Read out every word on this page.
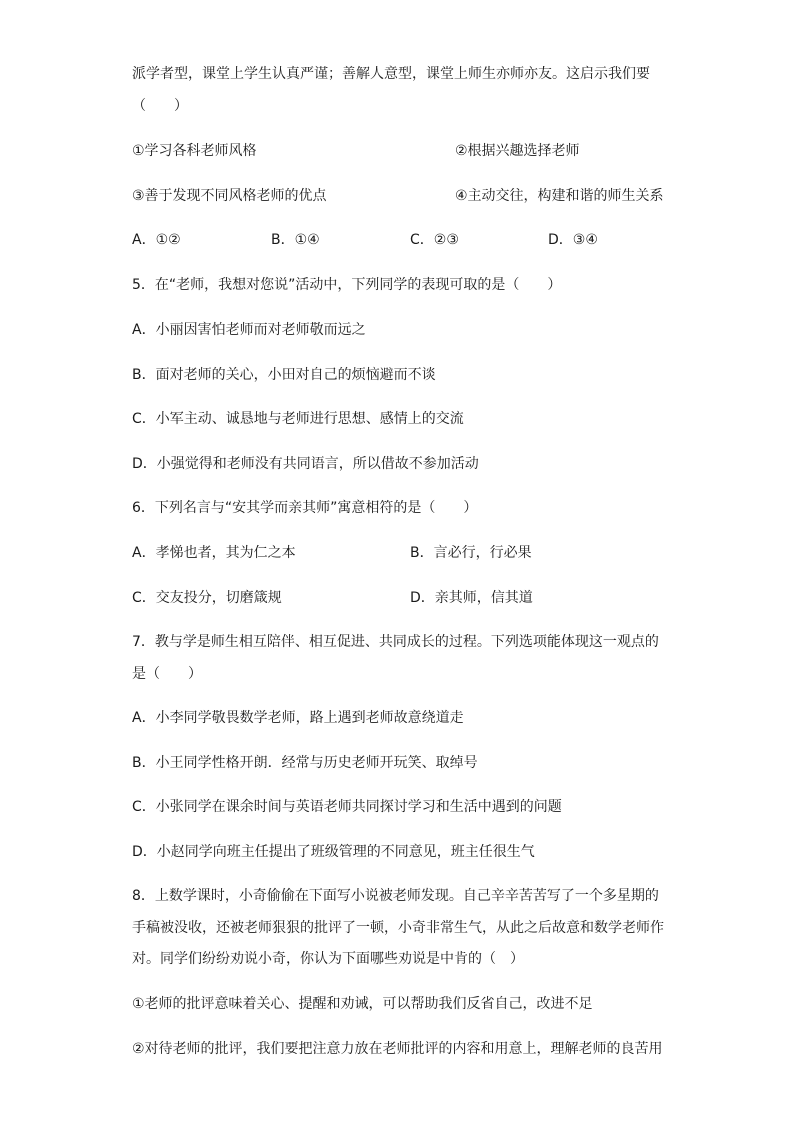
派学者型，课堂上学生认真严谨；善解人意型，课堂上师生亦师亦友。这启示我们要
（　　）
①学习各科老师风格	②根据兴趣选择老师
③善于发现不同风格老师的优点	④主动交往，构建和谐的师生关系
A．①②	B．①④	C．②③	D．③④
5．在“老师，我想对您说”活动中，下列同学的表现可取的是（　　）
A．小丽因害怕老师而对老师敬而远之
B．面对老师的关心，小田对自己的烦恼避而不谈
C．小军主动、诚恳地与老师进行思想、感情上的交流
D．小强觉得和老师没有共同语言，所以借故不参加活动
6．下列名言与“安其学而亲其师”寓意相符的是（　　）
A．孝悌也者，其为仁之本	B．言必行，行必果
C．交友投分，切磨箴规	D．亲其师，信其道
7．教与学是师生相互陪伴、相互促进、共同成长的过程。下列选项能体现这一观点的
是（　　）
A．小李同学敬畏数学老师，路上遇到老师故意绕道走
B．小王同学性格开朗．经常与历史老师开玩笑、取绰号
C．小张同学在课余时间与英语老师共同探讨学习和生活中遇到的问题
D．小赵同学向班主任提出了班级管理的不同意见，班主任很生气
8．上数学课时，小奇偷偷在下面写小说被老师发现。自己辛辛苦苦写了一个多星期的
手稿被没收，还被老师狠狠的批评了一顿，小奇非常生气，从此之后故意和数学老师作
对。同学们纷纷劝说小奇，你认为下面哪些劝说是中肯的（　）
①老师的批评意味着关心、提醒和劝诫，可以帮助我们反省自己，改进不足
②对待老师的批评，我们要把注意力放在老师批评的内容和用意上，理解老师的良苦用
